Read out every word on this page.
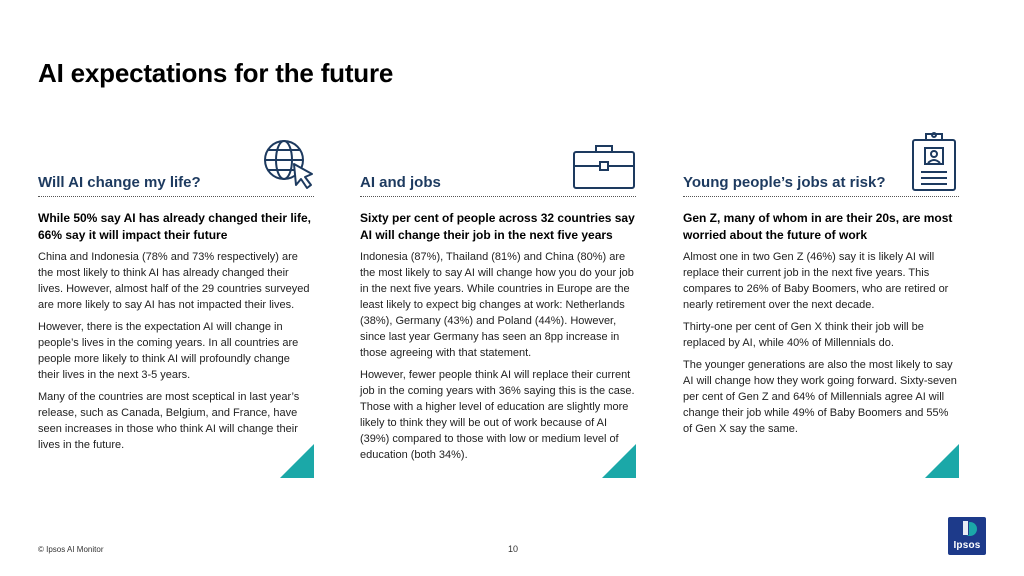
AI expectations for the future
Will AI change my life?
While 50% say AI has already changed their life, 66% say it will impact their future

China and Indonesia (78% and 73% respectively) are the most likely to think AI has already changed their lives. However, almost half of the 29 countries surveyed are more likely to say AI has not impacted their lives.

However, there is the expectation AI will change in people’s lives in the coming years. In all countries are people more likely to think AI will profoundly change their lives in the next 3-5 years.

Many of the countries are most sceptical in last year’s release, such as Canada, Belgium, and France, have seen increases in those who think AI will change their lives in the future.

AI and jobs
Sixty per cent of people across 32 countries say AI will change their job in the next five years

Indonesia (87%), Thailand (81%) and China (80%) are the most likely to say AI will change how you do your job in the next five years. While countries in Europe are the least likely to expect big changes at work: Netherlands (38%), Germany (43%) and Poland (44%). However, since last year Germany has seen an 8pp increase in those agreeing with that statement.

However, fewer people think AI will replace their current job in the coming years with 36% saying this is the case. Those with a higher level of education are slightly more likely to think they will be out of work because of AI (39%) compared to those with low or medium level of education (both 34%).

Young people’s jobs at risk?
Gen Z, many of whom in are their 20s, are most worried about the future of work

Almost one in two Gen Z (46%) say it is likely AI will replace their current job in the next five years. This compares to 26% of Baby Boomers, who are retired or nearly retirement over the next decade.

Thirty-one per cent of Gen X think their job will be replaced by AI, while 40% of Millennials do.

The younger generations are also the most likely to say AI will change how they work going forward. Sixty-seven per cent of Gen Z and 64% of Millennials agree AI will change their job while 49% of Baby Boomers and 55% of Gen X say the same.

© Ipsos AI Monitor	10	Ipsos
